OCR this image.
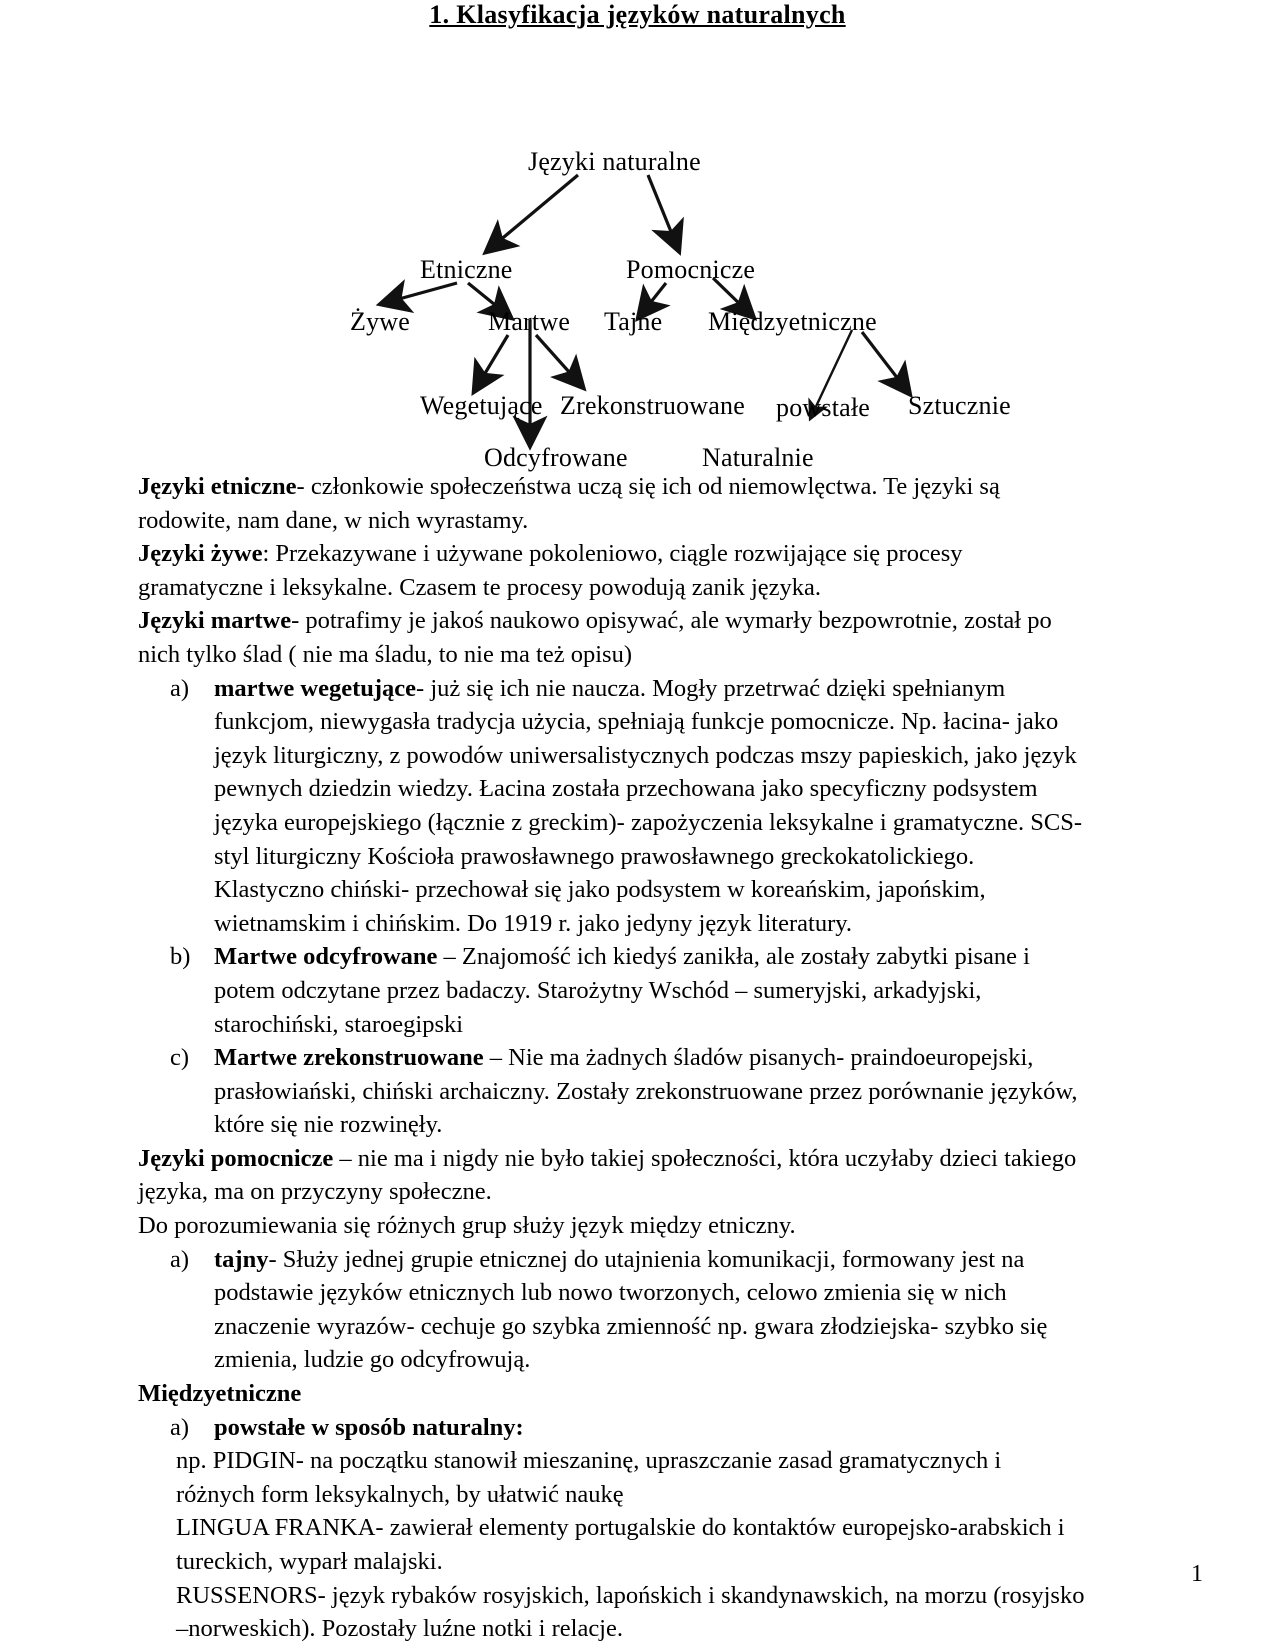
1. Klasyfikacja języków naturalnych
Języki naturalne
Etniczne	Pomocnicze
Żywe	Martwe Tajne Międzyetniczne
Wegetujące Zrekonstruowane powstałe Sztucznie
Odcyfrowane	Naturalnie

Języki etniczne- członkowie społeczeństwa uczą się ich od niemowlęctwa. Te języki są rodowite, nam dane, w nich wyrastamy.

Języki żywe: Przekazywane i używane pokoleniowo, ciągle rozwijające się procesy gramatyczne i leksykalne. Czasem te procesy powodują zanik języka.

Języki martwe- potrafimy je jakoś naukowo opisywać, ale wymarły bezpowrotnie, został po nich tylko ślad ( nie ma śladu, to nie ma też opisu)

a)	martwe wegetujące- już się ich nie naucza. Mogły przetrwać dzięki spełnianym funkcjom, niewygasła tradycja użycia, spełniają funkcje pomocnicze. Np. łacina- jako język liturgiczny, z powodów uniwersalistycznych podczas mszy papieskich, jako język pewnych dziedzin wiedzy. Łacina została przechowana jako specyficzny podsystem języka europejskiego (łącznie z greckim)- zapożyczenia leksykalne i gramatyczne. SCS- styl liturgiczny Kościoła prawosławnego prawosławnego greckokatolickiego. Klastyczno chiński- przechował się jako podsystem w koreańskim, japońskim, wietnamskim i chińskim. Do 1919 r. jako jedyny język literatury.
b) Martwe odcyfrowane – Znajomość ich kiedyś zanikła, ale zostały zabytki pisane i potem odczytane przez badaczy. Starożytny Wschód – sumeryjski, arkadyjski, starochiński, staroegipski
c)	Martwe zrekonstruowane – Nie ma żadnych śladów pisanych- praindoeuropejski, prasłowiański, chiński archaiczny. Zostały zrekonstruowane przez porównanie języków, które się nie rozwinęły.

Języki pomocnicze – nie ma i nigdy nie było takiej społeczności, która uczyłaby dzieci takiego języka, ma on przyczyny społeczne.

Do porozumiewania się różnych grup służy język między etniczny.

a)	tajny- Służy jednej grupie etnicznej do utajnienia komunikacji, formowany jest na podstawie języków etnicznych lub nowo tworzonych, celowo zmienia się w nich znaczenie wyrazów- cechuje go szybka zmienność np. gwara złodziejska- szybko się zmienia, ludzie go odcyfrowują.

Międzyetniczne

a)	powstałe w sposób naturalny:

np. PIDGIN- na początku stanowił mieszaninę, upraszczanie zasad gramatycznych i różnych form leksykalnych, by ułatwić naukę

LINGUA FRANKA- zawierał elementy portugalskie do kontaktów europejsko-arabskich i tureckich, wyparł malajski.

RUSSENORS- język rybaków rosyjskich, lapońskich i skandynawskich, na morzu (rosyjsko –norweskich). Pozostały luźne notki i relacje.

1
